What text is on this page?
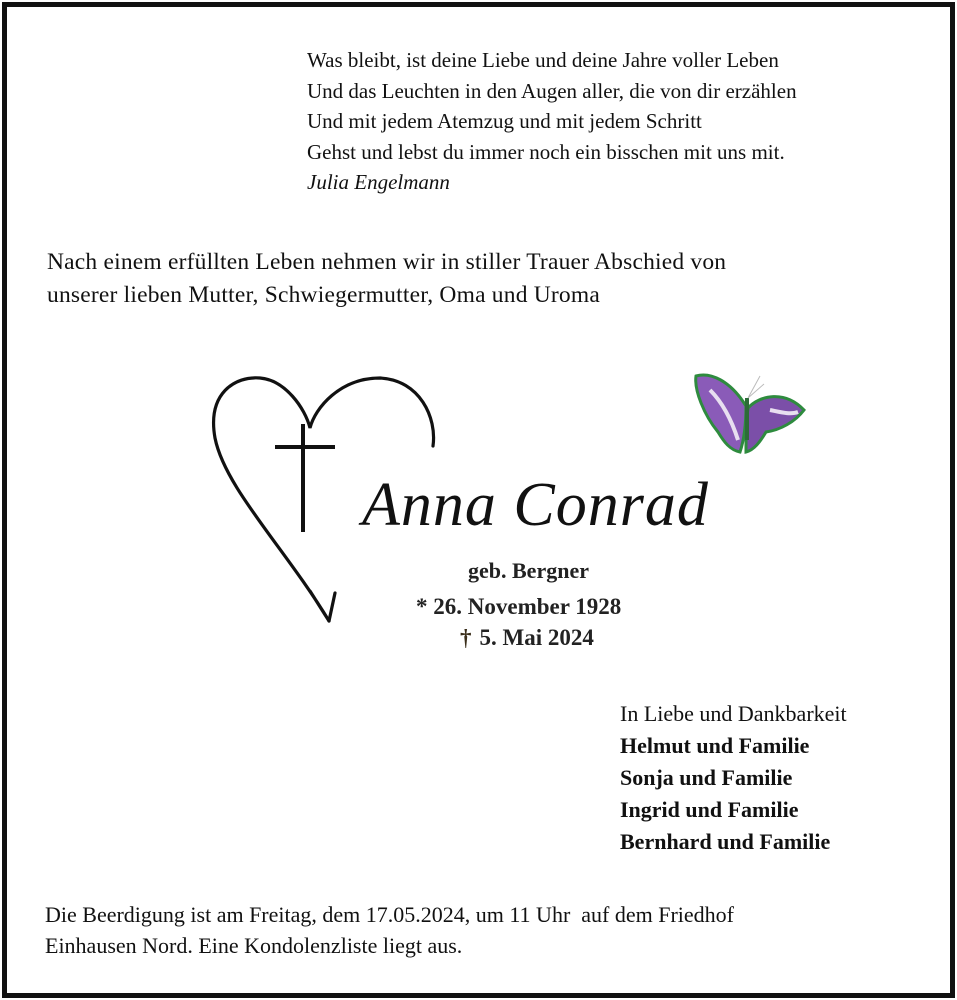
Was bleibt, ist deine Liebe und deine Jahre voller Leben
Und das Leuchten in den Augen aller, die von dir erzählen
Und mit jedem Atemzug und mit jedem Schritt
Gehst und lebst du immer noch ein bisschen mit uns mit.
Julia Engelmann
Nach einem erfüllten Leben nehmen wir in stiller Trauer Abschied von
unserer lieben Mutter, Schwiegermutter, Oma und Uroma
Anna Conrad
geb. Bergner
* 26. November 1928
† 5. Mai 2024
In Liebe und Dankbarkeit
Helmut und Familie
Sonja und Familie
Ingrid und Familie
Bernhard und Familie
Die Beerdigung ist am Freitag, dem 17.05.2024, um 11 Uhr  auf dem Friedhof
Einhausen Nord. Eine Kondolenzliste liegt aus.
